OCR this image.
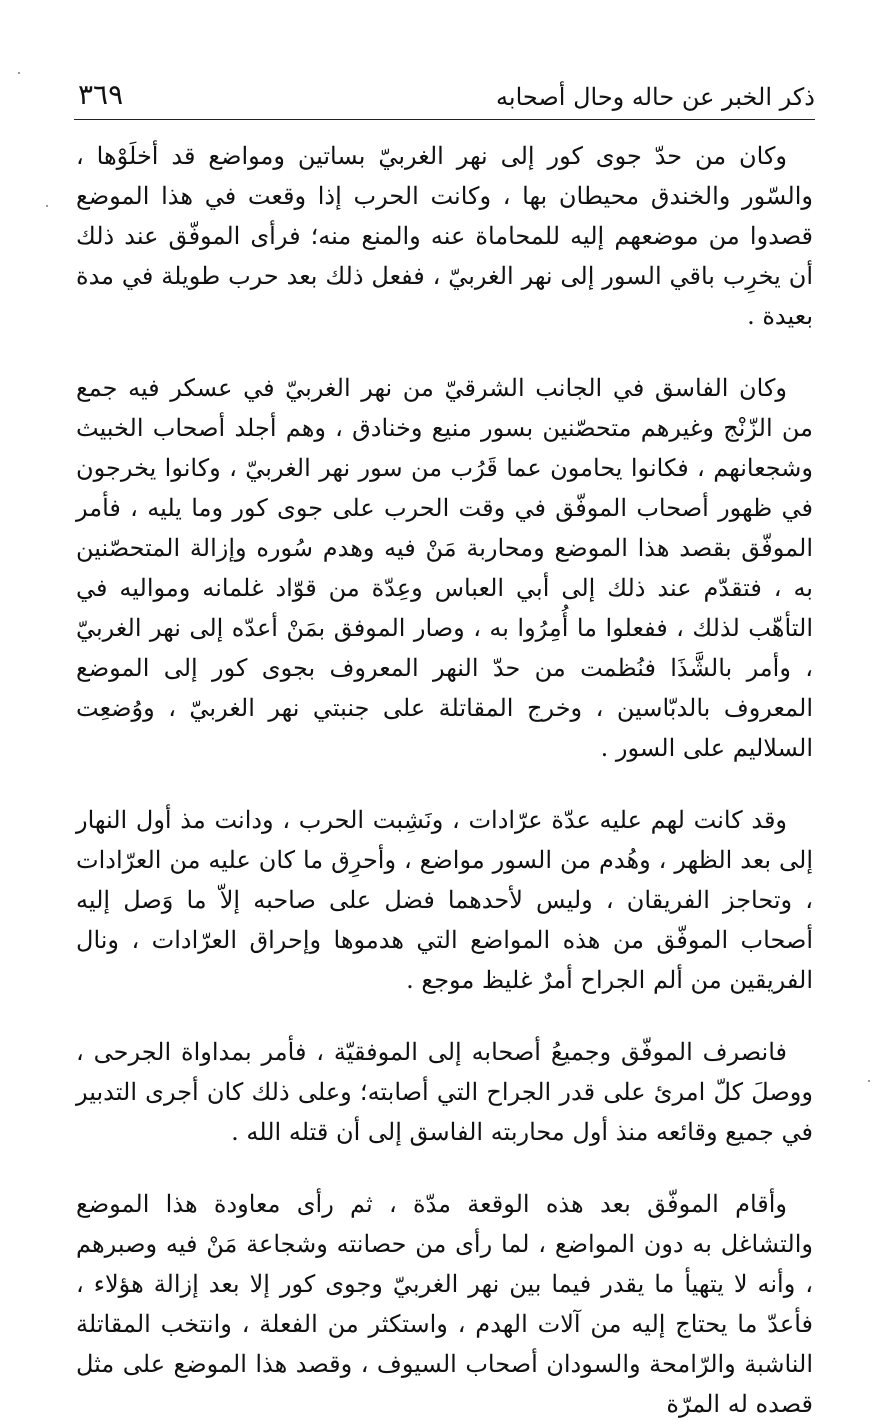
ذكر الخبر عن حاله وحال أصحابه
٣٦٩

وكان من حدّ جوى كور إلى نهر الغربيّ بساتين ومواضع قد أخلَوْها ، والسّور والخندق محيطان بها ، وكانت الحرب إذا وقعت في هذا الموضع قصدوا من موضعهم إليه للمحاماة عنه والمنع منه؛ فرأى الموفّق عند ذلك أن يخرِب باقي السور إلى نهر الغربيّ ، ففعل ذلك بعد حرب طويلة في مدة بعيدة .

وكان الفاسق في الجانب الشرقيّ من نهر الغربيّ في عسكر فيه جمع من الزّنْج وغيرهم متحصّنين بسور منيع وخنادق ، وهم أجلد أصحاب الخبيث وشجعانهم ، فكانوا يحامون عما قَرُب من سور نهر الغربيّ ، وكانوا يخرجون في ظهور أصحاب الموفّق في وقت الحرب على جوى كور وما يليه ، فأمر الموفّق بقصد هذا الموضع ومحاربة مَنْ فيه وهدم سُوره وإزالة المتحصّنين به ، فتقدّم عند ذلك إلى أبي العباس وعِدّة من قوّاد غلمانه ومواليه في التأهّب لذلك ، ففعلوا ما أُمِرُوا به ، وصار الموفق بمَنْ أعدّه إلى نهر الغربيّ ، وأمر بالشَّذَا فنُظمت من حدّ النهر المعروف بجوى كور إلى الموضع المعروف بالدبّاسين ، وخرج المقاتلة على جنبتي نهر الغربيّ ، ووُضعِت السلاليم على السور .

وقد كانت لهم عليه عدّة عرّادات ، ونَشِبت الحرب ، ودانت مذ أول النهار إلى بعد الظهر ، وهُدم من السور مواضع ، وأحرِق ما كان عليه من العرّادات ، وتحاجز الفريقان ، وليس لأحدهما فضل على صاحبه إلاّ ما وَصل إليه أصحاب الموفّق من هذه المواضع التي هدموها وإحراق العرّادات ، ونال الفريقين من ألم الجراح أمرٌ غليظ موجع .

فانصرف الموفّق وجميعُ أصحابه إلى الموفقيّة ، فأمر بمداواة الجرحى ، ووصلَ كلّ امرئ على قدر الجراح التي أصابته؛ وعلى ذلك كان أجرى التدبير في جميع وقائعه منذ أول محاربته الفاسق إلى أن قتله الله .

وأقام الموفّق بعد هذه الوقعة مدّة ، ثم رأى معاودة هذا الموضع والتشاغل به دون المواضع ، لما رأى من حصانته وشجاعة مَنْ فيه وصبرهم ، وأنه لا يتهيأ ما يقدر فيما بين نهر الغربيّ وجوى كور إلا بعد إزالة هؤلاء ، فأعدّ ما يحتاج إليه من آلات الهدم ، واستكثر من الفعلة ، وانتخب المقاتلة الناشبة والرّامحة والسودان أصحاب السيوف ، وقصد هذا الموضع على مثل قصده له المرّة
